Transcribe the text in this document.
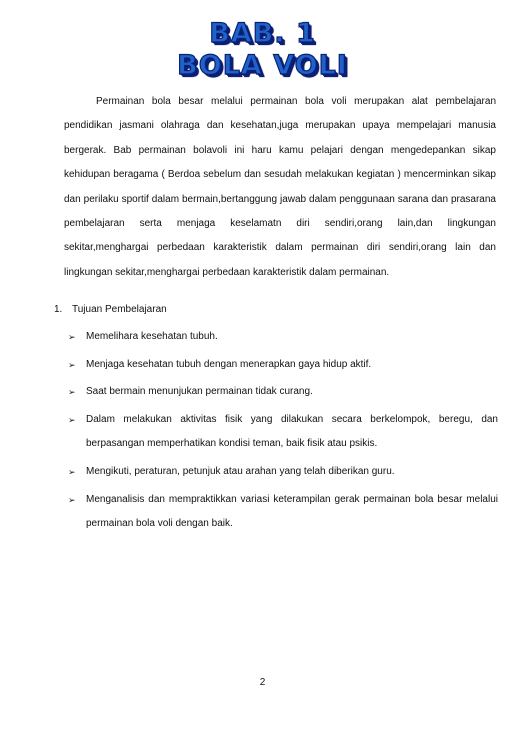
BAB. 1
BOLA VOLI

Permainan bola besar melalui permainan bola voli merupakan alat pembelajaran pendidikan jasmani olahraga dan kesehatan,juga merupakan upaya mempelajari manusia bergerak. Bab permainan bolavoli ini haru kamu pelajari dengan mengedepankan sikap kehidupan beragama ( Berdoa sebelum dan sesudah melakukan kegiatan ) mencerminkan sikap dan perilaku sportif dalam bermain,bertanggung jawab dalam penggunaan sarana dan prasarana pembelajaran serta menjaga keselamatn diri sendiri,orang lain,dan lingkungan sekitar,menghargai perbedaan karakteristik dalam permainan diri sendiri,orang lain dan lingkungan sekitar,menghargai perbedaan karakteristik dalam permainan.

1. Tujuan Pembelajaran

➢	Memelihara kesehatan tubuh.
➢	Menjaga kesehatan tubuh dengan menerapkan gaya hidup aktif.
➢	Saat bermain menunjukan permainan tidak curang.
➢	Dalam melakukan aktivitas fisik yang dilakukan secara berkelompok, beregu, dan berpasangan memperhatikan kondisi teman, baik fisik atau psikis.
➢	Mengikuti, peraturan, petunjuk atau arahan yang telah diberikan guru.
➢	Menganalisis dan mempraktikkan variasi keterampilan gerak permainan bola besar melalui permainan bola voli dengan baik.
2
